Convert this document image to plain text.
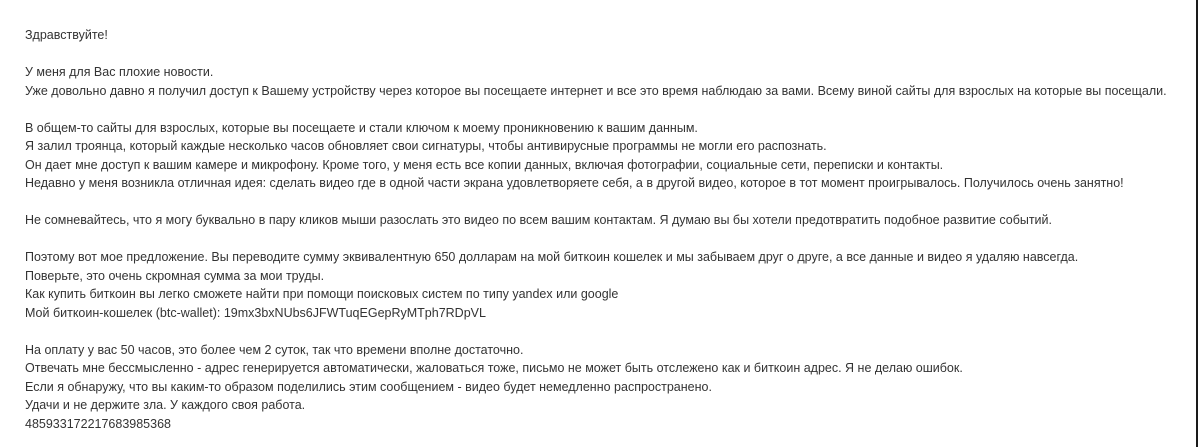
Здравствуйте!
У меня для Вас плохие новости.
Уже довольно давно я получил доступ к Вашему устройству через которое вы посещаете интернет и все это время наблюдаю за вами. Всему виной сайты для взрослых на которые вы посещали.
В общем-то сайты для взрослых, которые вы посещаете и стали ключом к моему проникновению к вашим данным.
Я залил троянца, который каждые несколько часов обновляет свои сигнатуры, чтобы антивирусные программы не могли его распознать.
Он дает мне доступ к вашим камере и микрофону. Кроме того, у меня есть все копии данных, включая фотографии, социальные сети, переписки и контакты.
Недавно у меня возникла отличная идея: сделать видео где в одной части экрана удовлетворяете себя, а в другой видео, которое в тот момент проигрывалось. Получилось очень занятно!
Не сомневайтесь, что я могу буквально в пару кликов мыши разослать это видео по всем вашим контактам. Я думаю вы бы хотели предотвратить подобное развитие событий.
Поэтому вот мое предложение. Вы переводите сумму эквивалентную 650 долларам на мой биткоин кошелек и мы забываем друг о друге, а все данные и видео я удаляю навсегда.
Поверьте, это очень скромная сумма за мои труды.
Как купить биткоин вы легко сможете найти при помощи поисковых систем по типу yandex или google
Мой биткоин-кошелек (btc-wallet): 19mx3bxNUbs6JFWTuqEGepRyMTph7RDpVL
На оплату у вас 50 часов, это более чем 2 суток, так что времени вполне достаточно.
Отвечать мне бессмысленно - адрес генерируется автоматически, жаловаться тоже, письмо не может быть отслежено как и биткоин адрес. Я не делаю ошибок.
Если я обнаружу, что вы каким-то образом поделились этим сообщением - видео будет немедленно распространено.
Удачи и не держите зла. У каждого своя работа.
485933172217683985368
